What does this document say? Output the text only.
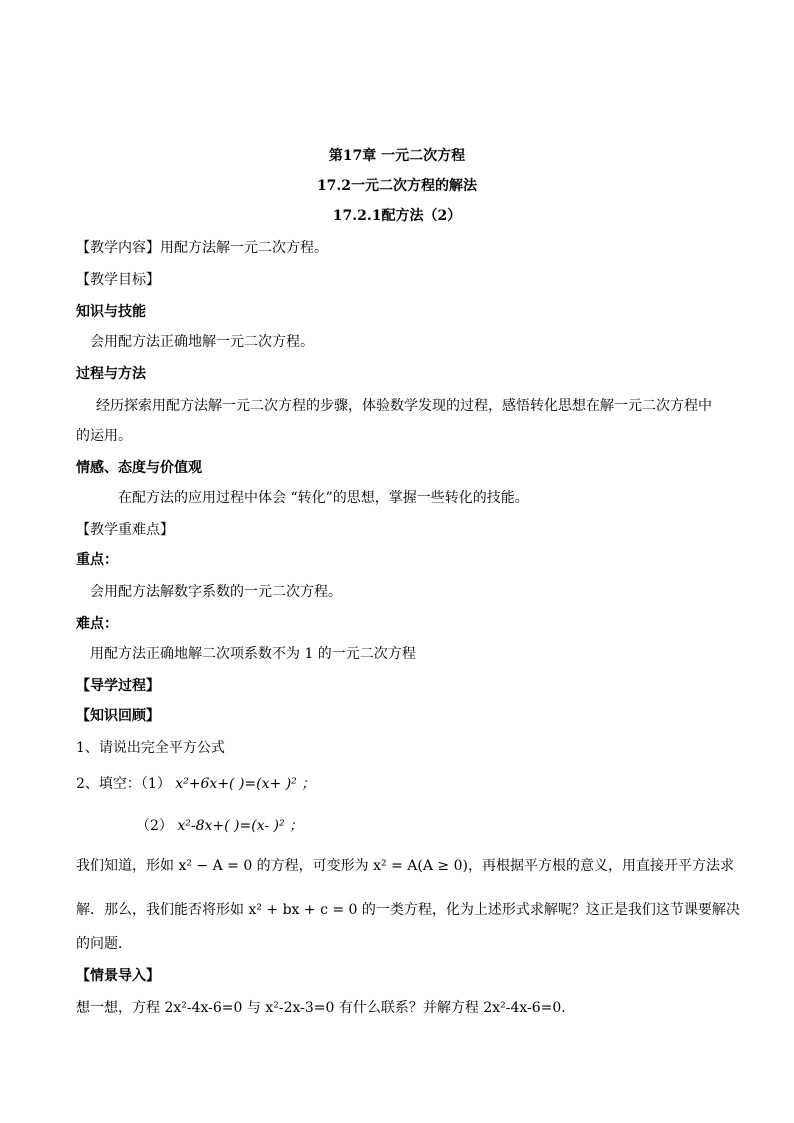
第17章 一元二次方程
17.2一元二次方程的解法
17.2.1配方法（2）
【教学内容】用配方法解一元二次方程。
【教学目标】
知识与技能
会用配方法正确地解一元二次方程。
过程与方法
经历探索用配方法解一元二次方程的步骤，体验数学发现的过程，感悟转化思想在解一元二次方程中
的运用。
情感、态度与价值观
在配方法的应用过程中体会 “转化”的思想，掌握一些转化的技能。
【教学重难点】
重点：
会用配方法解数字系数的一元二次方程。
难点：
用配方法正确地解二次项系数不为 1 的一元二次方程
【导学过程】
【知识回顾】
1、请说出完全平方公式
2、填空：（1） x²+6x+( )=(x+ )² ；
（2） x²-8x+( )=(x- )² ；
我们知道，形如 x² − A = 0 的方程，可变形为 x² = A(A ≥ 0)，再根据平方根的意义，用直接开平方法求
解．那么，我们能否将形如 x² + bx + c = 0 的一类方程，化为上述形式求解呢？这正是我们这节课要解决
的问题．
【情景导入】
想一想，方程 2x²-4x-6=0 与 x²-2x-3=0 有什么联系？并解方程 2x²-4x-6=0.
